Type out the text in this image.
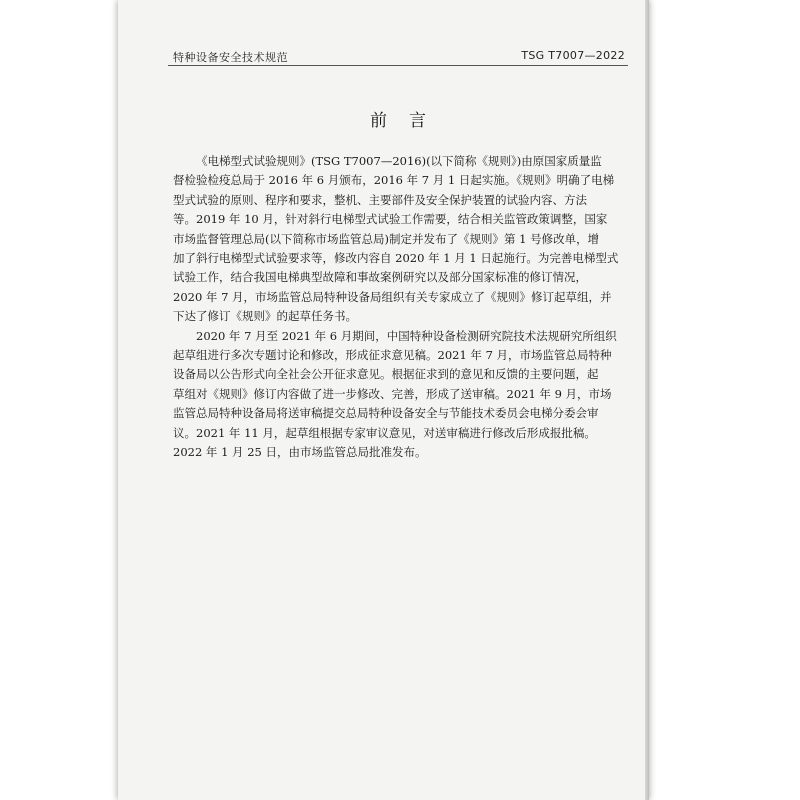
特种设备安全技术规范	TSG T7007—2022
前言

《电梯型式试验规则》(TSG T7007—2016)(以下简称《规则》)由原国家质量监
督检验检疫总局于 2016 年 6 月颁布，2016 年 7 月 1 日起实施。《规则》明确了电梯
型式试验的原则、程序和要求，整机、主要部件及安全保护装置的试验内容、方法
等。2019 年 10 月，针对斜行电梯型式试验工作需要，结合相关监管政策调整，国家
市场监督管理总局(以下简称市场监管总局)制定并发布了《规则》第 1 号修改单，增
加了斜行电梯型式试验要求等，修改内容自 2020 年 1 月 1 日起施行。为完善电梯型式
试验工作，结合我国电梯典型故障和事故案例研究以及部分国家标准的修订情况，
2020 年 7 月，市场监管总局特种设备局组织有关专家成立了《规则》修订起草组，并
下达了修订《规则》的起草任务书。

2020 年 7 月至 2021 年 6 月期间，中国特种设备检测研究院技术法规研究所组织
起草组进行多次专题讨论和修改，形成征求意见稿。2021 年 7 月，市场监管总局特种
设备局以公告形式向全社会公开征求意见。根据征求到的意见和反馈的主要问题，起
草组对《规则》修订内容做了进一步修改、完善，形成了送审稿。2021 年 9 月，市场
监管总局特种设备局将送审稿提交总局特种设备安全与节能技术委员会电梯分委会审
议。2021 年 11 月，起草组根据专家审议意见，对送审稿进行修改后形成报批稿。
2022 年 1 月 25 日，由市场监管总局批准发布。
